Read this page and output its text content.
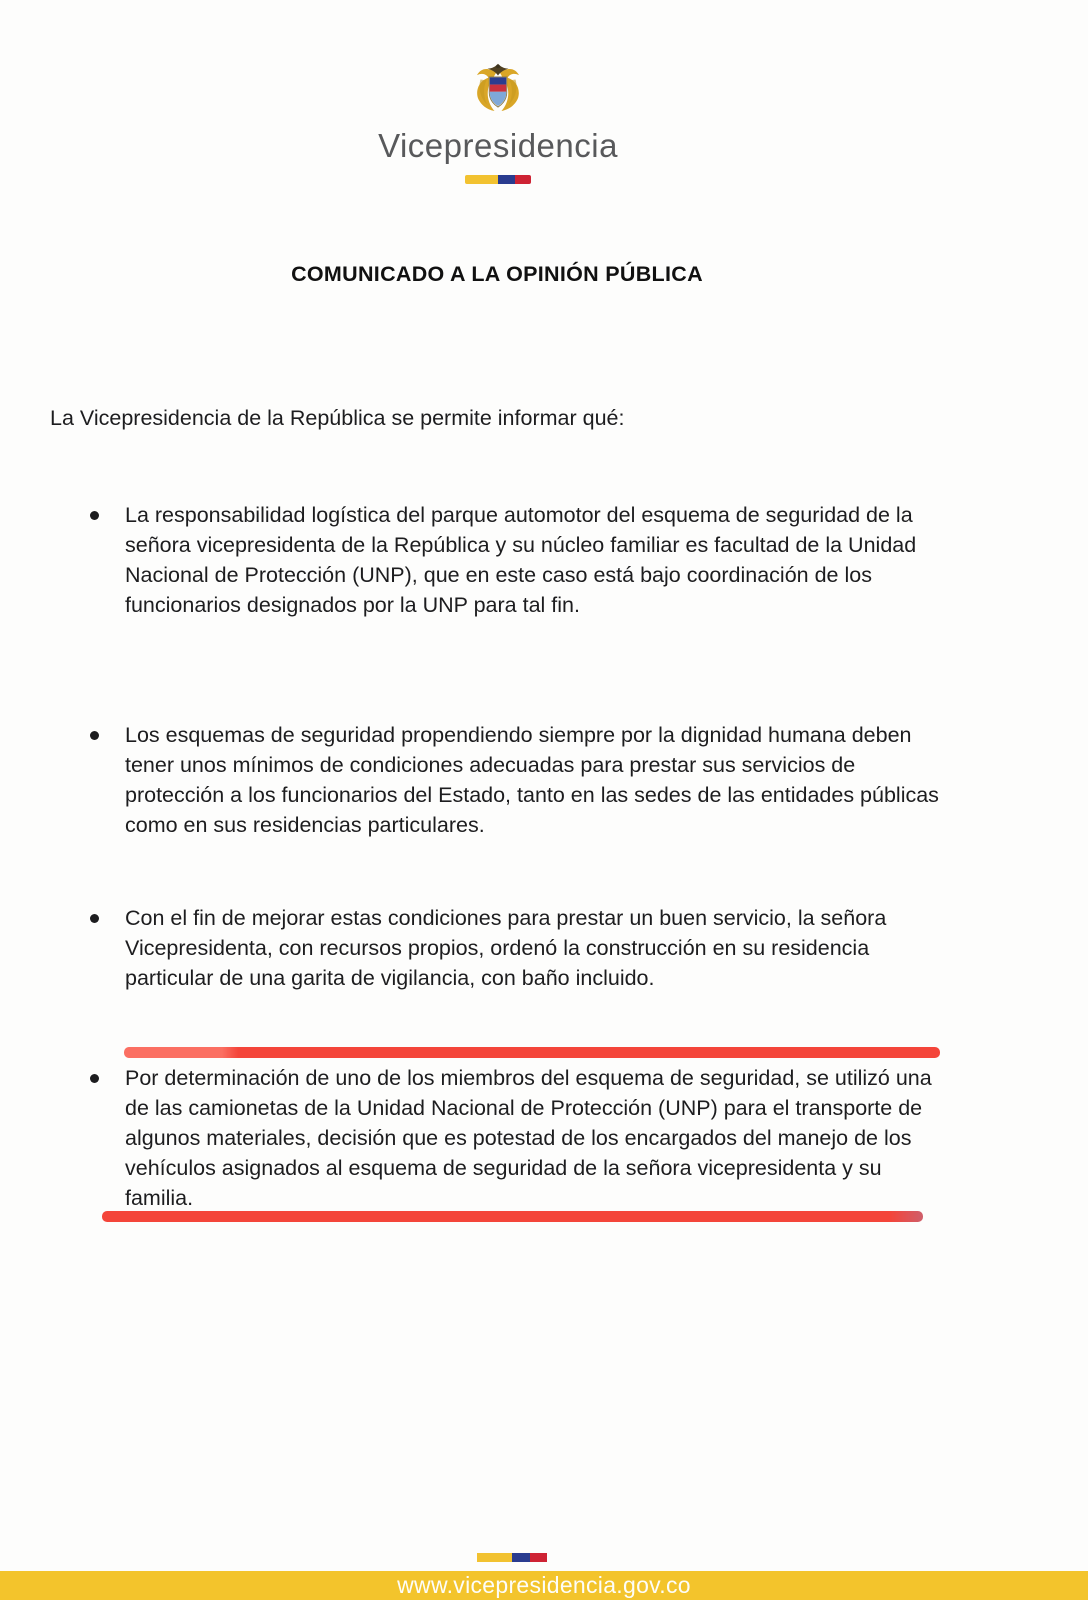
Vicepresidencia
COMUNICADO A LA OPINIÓN PÚBLICA

La Vicepresidencia de la República se permite informar qué:

La responsabilidad logística del parque automotor del esquema de seguridad de la señora vicepresidenta de la República y su núcleo familiar es facultad de la Unidad Nacional de Protección (UNP), que en este caso está bajo coordinación de los funcionarios designados por la UNP para tal fin.
Los esquemas de seguridad propendiendo siempre por la dignidad humana deben tener unos mínimos de condiciones adecuadas para prestar sus servicios de protección a los funcionarios del Estado, tanto en las sedes de las entidades públicas como en sus residencias particulares.
Con el fin de mejorar estas condiciones para prestar un buen servicio, la señora Vicepresidenta, con recursos propios, ordenó la construcción en su residencia particular de una garita de vigilancia, con baño incluido.
Por determinación de uno de los miembros del esquema de seguridad, se utilizó una de las camionetas de la Unidad Nacional de Protección (UNP) para el transporte de algunos materiales, decisión que es potestad de los encargados del manejo de los vehículos asignados al esquema de seguridad de la señora vicepresidenta y su familia.
www.vicepresidencia.gov.co
